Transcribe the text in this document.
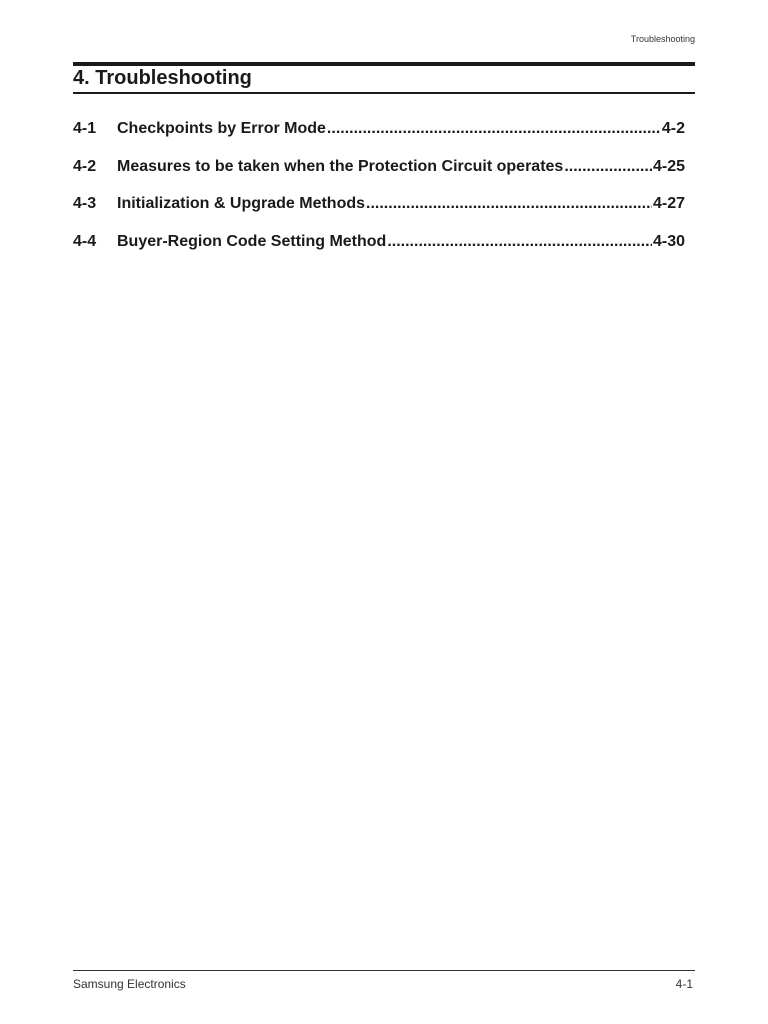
Troubleshooting
4. Troubleshooting
4-1	Checkpoints by Error Mode .....	4-2
4-2	Measures to be taken when the Protection Circuit operates .....	4-25
4-3	Initialization & Upgrade Methods .....	4-27
4-4	Buyer-Region Code Setting Method .....	4-30
Samsung Electronics	4-1
